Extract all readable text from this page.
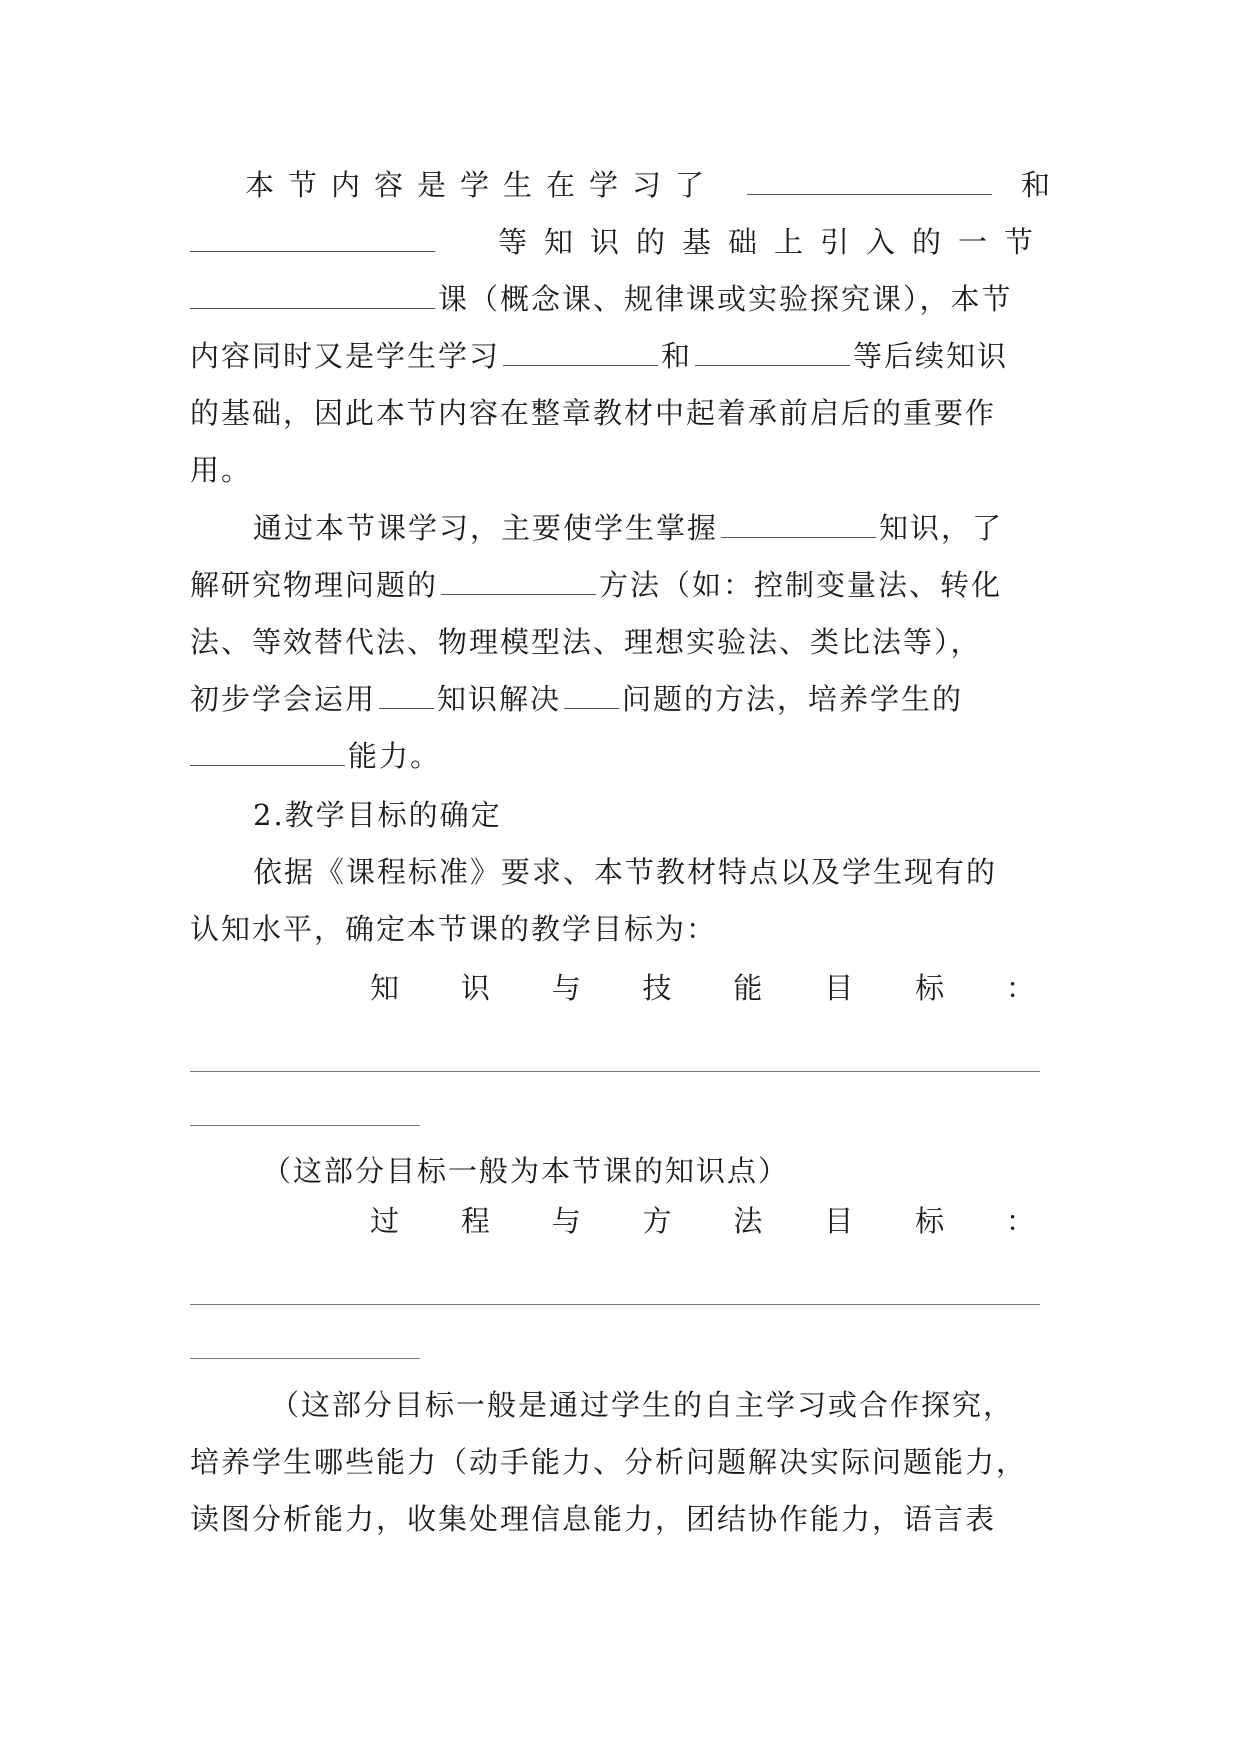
本节内容是学生在学习了	和
等知识的基础上引入的一节
课（概念课、规律课或实验探究课），本节
内容同时又是学生学习	和	等后续知识
的基础，因此本节内容在整章教材中起着承前启后的重要作
用。
通过本节课学习，主要使学生掌握	知识，了
解研究物理问题的	方法（如：控制变量法、转化
法、等效替代法、物理模型法、理想实验法、类比法等），
初步学会运用 知识解决 问题的方法，培养学生的
能力。
2.教学目标的确定
依据《课程标准》要求、本节教材特点以及学生现有的
认知水平，确定本节课的教学目标为：
知 识 与 技 能 目 标 ：
（这部分目标一般为本节课的知识点）
过 程 与 方 法 目 标 ：
（这部分目标一般是通过学生的自主学习或合作探究，
培养学生哪些能力（动手能力、分析问题解决实际问题能力，
读图分析能力，收集处理信息能力，团结协作能力，语言表
